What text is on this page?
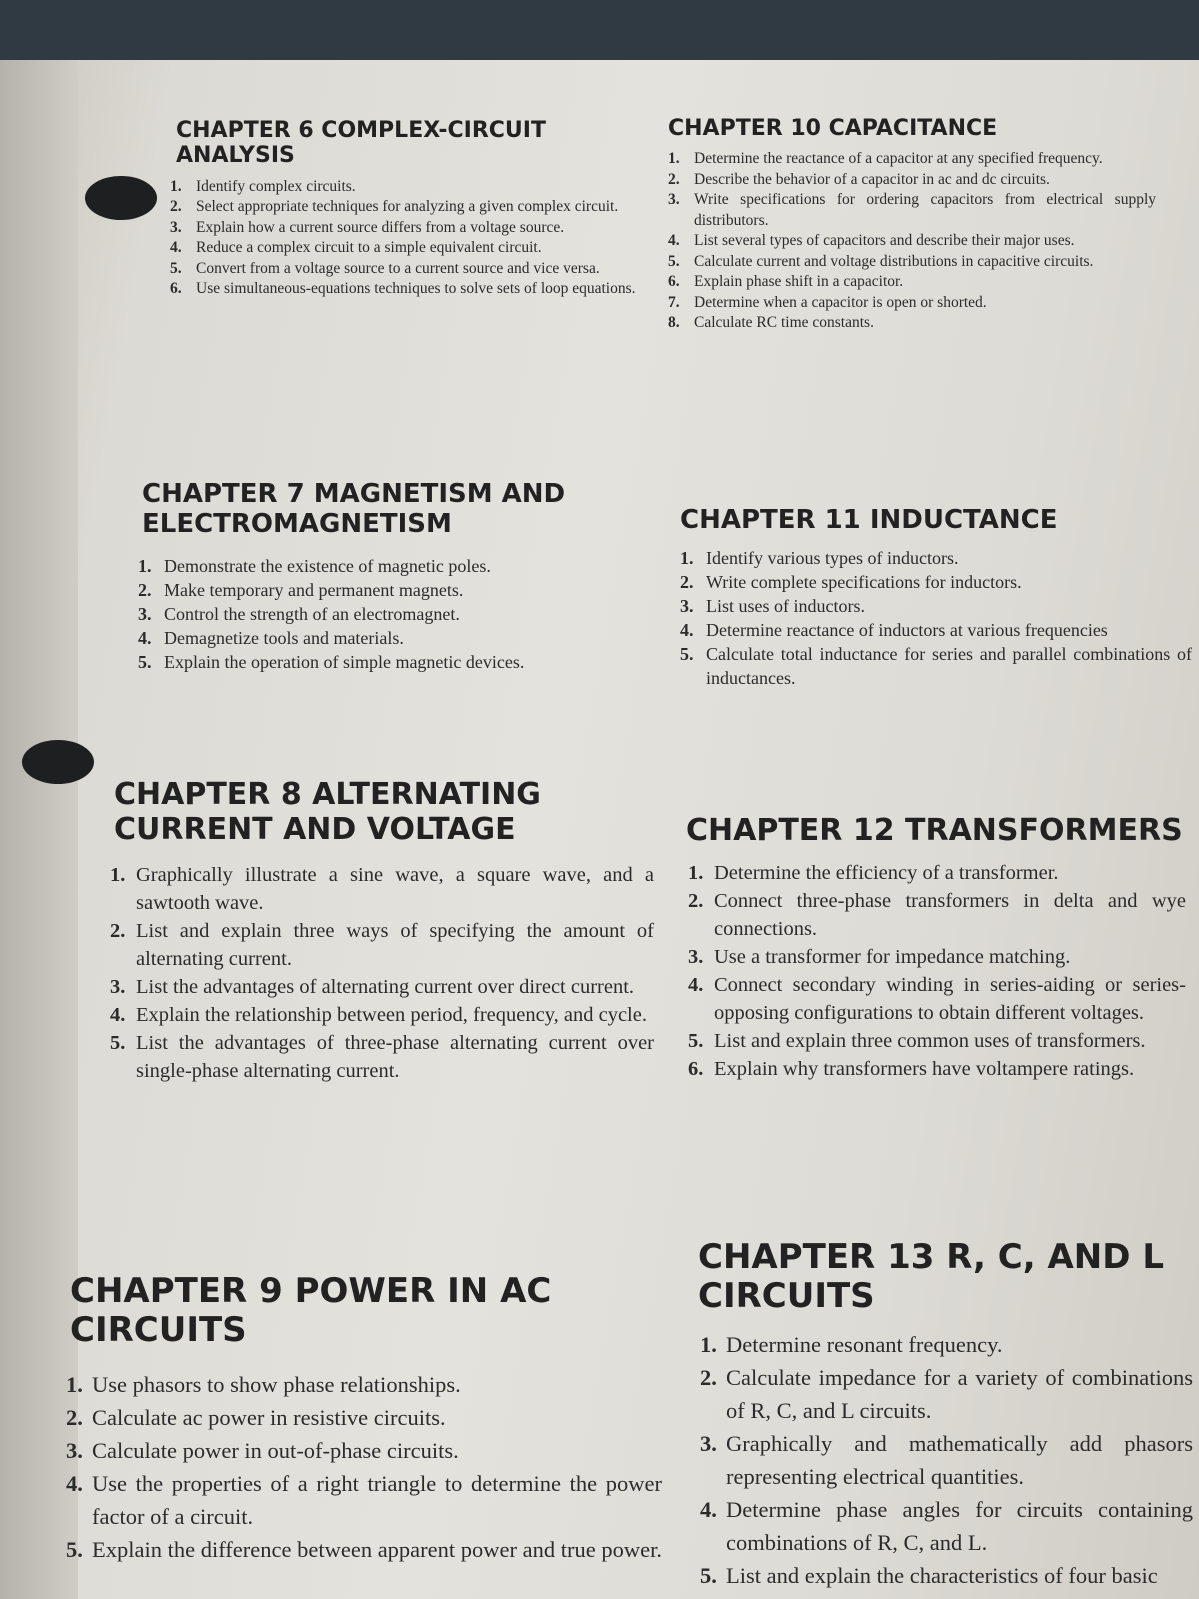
CHAPTER 6 COMPLEX-CIRCUIT
ANALYSIS
1. Identify complex circuits.
2. Select appropriate techniques for analyzing a given complex circuit.
3. Explain how a current source differs from a voltage source.
4. Reduce a complex circuit to a simple equivalent circuit.
5. Convert from a voltage source to a current source and vice versa.
6. Use simultaneous-equations techniques to solve sets of loop equations.
CHAPTER 10 CAPACITANCE
1. Determine the reactance of a capacitor at any specified frequency.
2. Describe the behavior of a capacitor in ac and dc circuits.
3. Write specifications for ordering capacitors from electrical supply distributors.
4. List several types of capacitors and describe their major uses.
5. Calculate current and voltage distributions in capacitive circuits.
6. Explain phase shift in a capacitor.
7. Determine when a capacitor is open or shorted.
8. Calculate RC time constants.
CHAPTER 7 MAGNETISM AND
ELECTROMAGNETISM
1. Demonstrate the existence of magnetic poles.
2. Make temporary and permanent magnets.
3. Control the strength of an electromagnet.
4. Demagnetize tools and materials.
5. Explain the operation of simple magnetic devices.
CHAPTER 11 INDUCTANCE
1. Identify various types of inductors.
2. Write complete specifications for inductors.
3. List uses of inductors.
4. Determine reactance of inductors at various frequencies
5. Calculate total inductance for series and parallel combinations of inductances.
CHAPTER 8 ALTERNATING
CURRENT AND VOLTAGE
1. Graphically illustrate a sine wave, a square wave, and a sawtooth wave.
2. List and explain three ways of specifying the amount of alternating current.
3. List the advantages of alternating current over direct current.
4. Explain the relationship between period, frequency, and cycle.
5. List the advantages of three-phase alternating current over single-phase alternating current.
CHAPTER 12 TRANSFORMERS
1. Determine the efficiency of a transformer.
2. Connect three-phase transformers in delta and wye connections.
3. Use a transformer for impedance matching.
4. Connect secondary winding in series-aiding or series-opposing configurations to obtain different voltages.
5. List and explain three common uses of transformers.
6. Explain why transformers have voltampere ratings.
CHAPTER 9 POWER IN AC
CIRCUITS
1. Use phasors to show phase relationships.
2. Calculate ac power in resistive circuits.
3. Calculate power in out-of-phase circuits.
4. Use the properties of a right triangle to determine the power factor of a circuit.
5. Explain the difference between apparent power and true power.
CHAPTER 13 R, C, AND L
CIRCUITS
1. Determine resonant frequency.
2. Calculate impedance for a variety of combinations of R, C, and L circuits.
3. Graphically and mathematically add phasors representing electrical quantities.
4. Determine phase angles for circuits containing combinations of R, C, and L.
5. List and explain the characteristics of four basic
